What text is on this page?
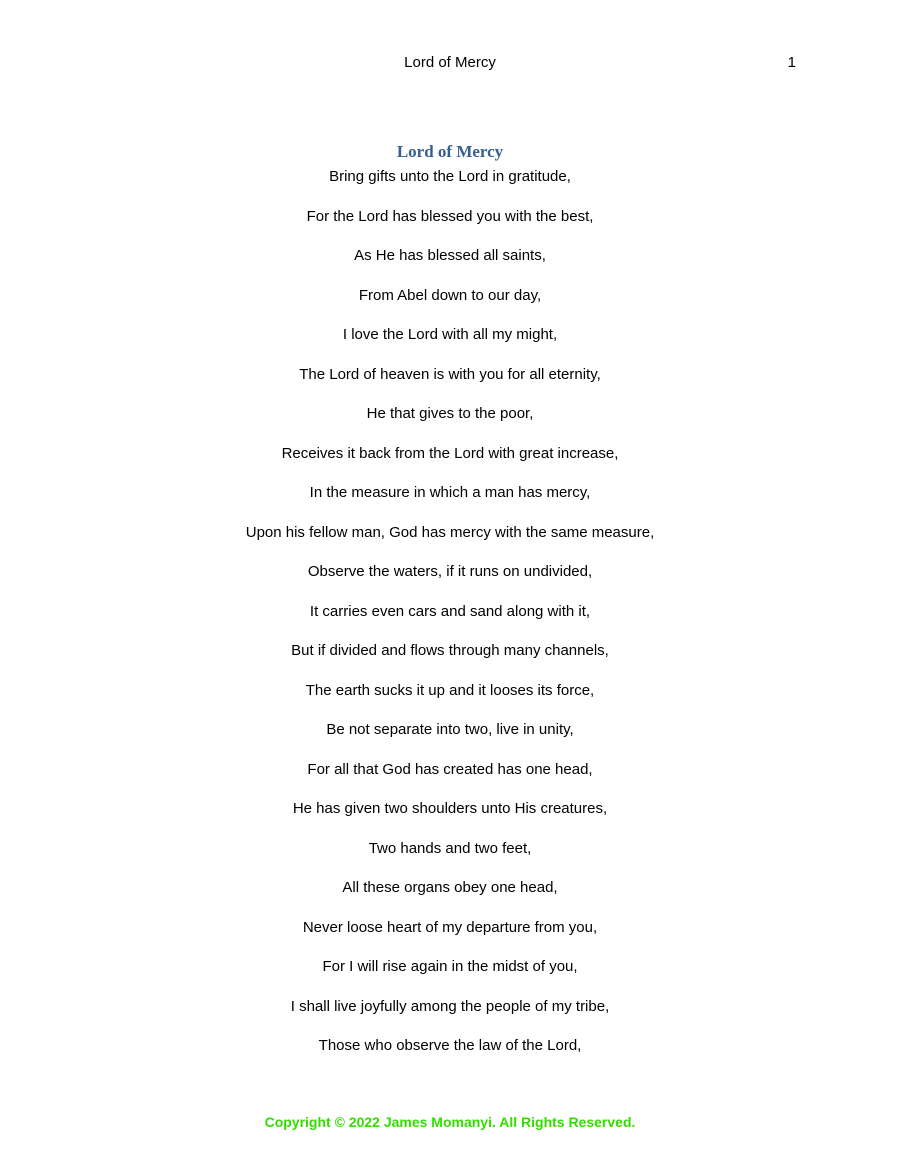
Lord of Mercy	1
Lord of Mercy
Bring gifts unto the Lord in gratitude,
For the Lord has blessed you with the best,
As He has blessed all saints,
From Abel down to our day,
I love the Lord with all my might,
The Lord of heaven is with you for all eternity,
He that gives to the poor,
Receives it back from the Lord with great increase,
In the measure in which a man has mercy,
Upon his fellow man, God has mercy with the same measure,
Observe the waters, if it runs on undivided,
It carries even cars and sand along with it,
But if divided and flows through many channels,
The earth sucks it up and it looses its force,
Be not separate into two, live in unity,
For all that God has created has one head,
He has given two shoulders unto His creatures,
Two hands and two feet,
All these organs obey one head,
Never loose heart of my departure from you,
For I will rise again in the midst of you,
I shall live joyfully among the people of my tribe,
Those who observe the law of the Lord,
Copyright © 2022 James Momanyi. All Rights Reserved.
